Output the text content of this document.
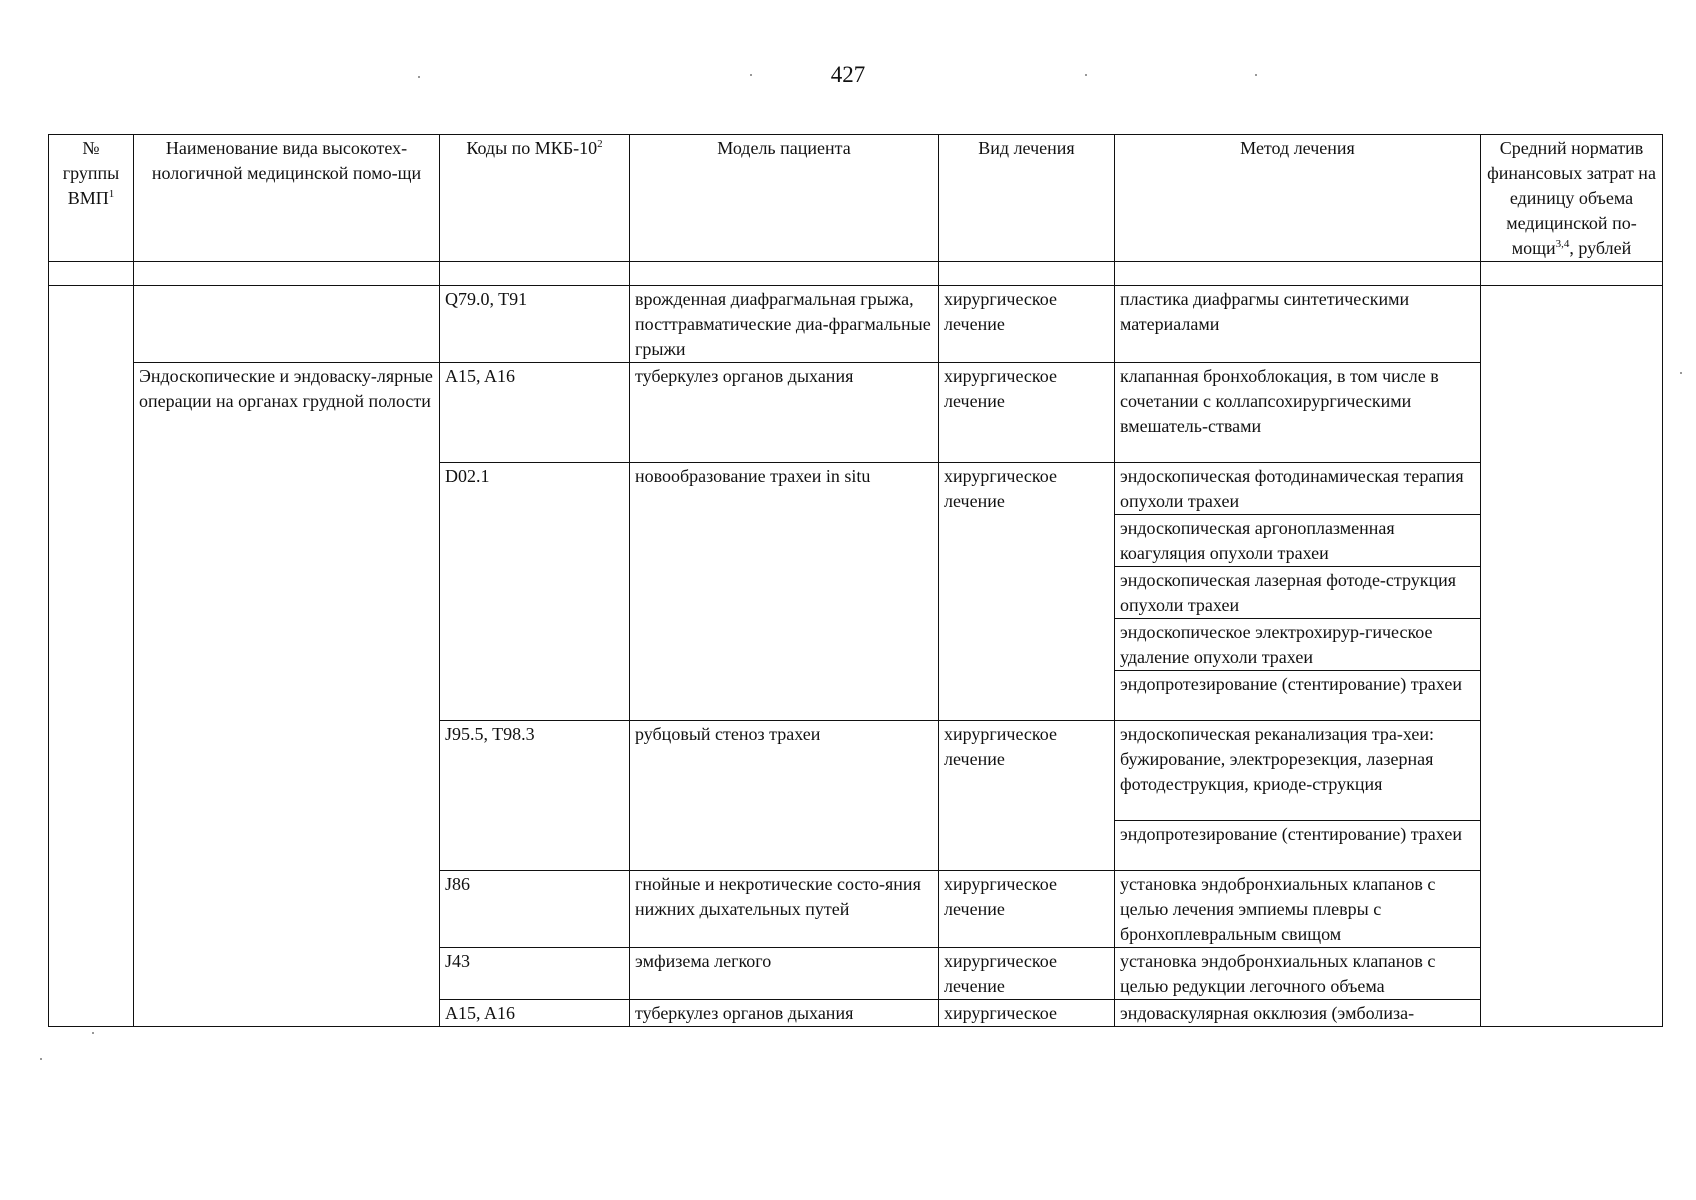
427
№ группы ВМП$^1$	Наименование вида высокотех-нологичной медицинской помо-щи	Коды по МКБ-$10^2$	Модель пациента	Вид лечения	Метод лечения	Средний норматив финансовых затрат на единицу объема медицинской по-мощи$^{3,4}$, рублей

		Q79.0, T91	врожденная диафрагмальная грыжа, посттравматические диа-фрагмальные грыжи	хирургическое лечение	пластика диафрагмы синтетическими материалами	
	Эндоскопические и эндоваску-лярные операции на органах грудной полости	A15, A16	туберкулез органов дыхания	хирургическое лечение	клапанная бронхоблокация, в том числе в сочетании с коллапсохирургическими вмешатель-ствами	
		D02.1	новообразование трахеи in situ	хирургическое лечение	эндоскопическая фотодинамическая терапия опухоли трахеи	
					эндоскопическая аргоноплазменная коагуляция опухоли трахеи	
					эндоскопическая лазерная фотоде-струкция опухоли трахеи	
					эндоскопическое электрохирур-гическое удаление опухоли трахеи	
					эндопротезирование (стентирование) трахеи	
		J95.5, T98.3	рубцовый стеноз трахеи	хирургическое лечение	эндоскопическая реканализация тра-хеи: бужирование, электрорезекция, лазерная фотодеструкция, криоде-струкция	
					эндопротезирование (стентирование) трахеи	
		J86	гнойные и некротические состо-яния нижних дыхательных путей	хирургическое лечение	установка эндобронхиальных клапанов с целью лечения эмпиемы плевры с бронхоплевральным свищом	
		J43	эмфизема легкого	хирургическое лечение	установка эндобронхиальных клапанов с целью редукции легочного объема	
		A15, A16	туберкулез органов дыхания	хирургическое	эндоваскулярная окклюзия (эмболиза-	
